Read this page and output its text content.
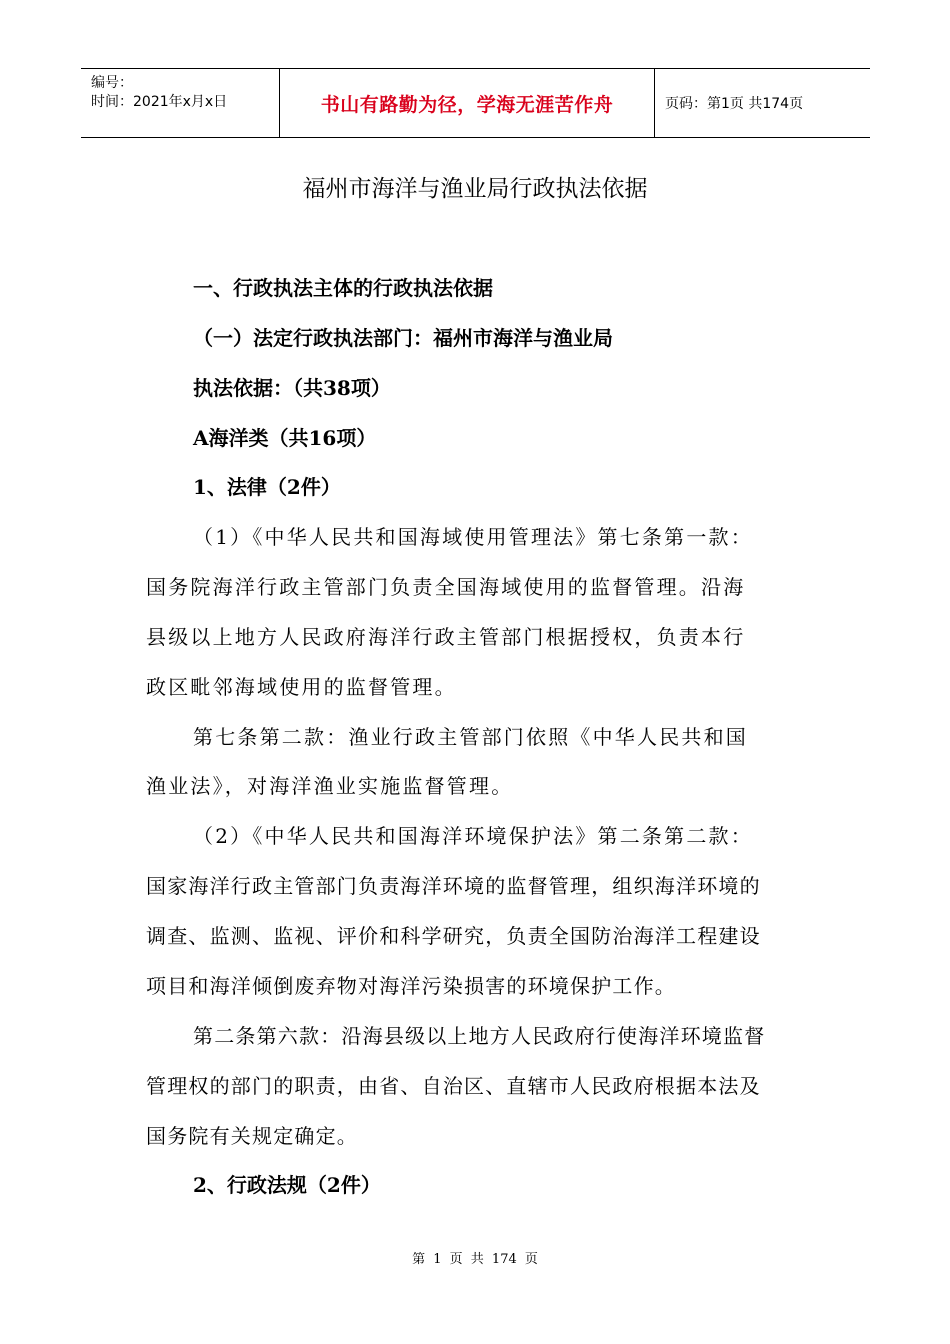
编号：
时间：2021年x月x日	书山有路勤为径，学海无涯苦作舟	页码：第1页 共174页
福州市海洋与渔业局行政执法依据
一、行政执法主体的行政执法依据
（一）法定行政执法部门：福州市海洋与渔业局
执法依据：（共38项）
A海洋类（共16项）
1、法律（2件）
（1）《中华人民共和国海域使用管理法》第七条第一款：
国务院海洋行政主管部门负责全国海域使用的监督管理。沿海
县级以上地方人民政府海洋行政主管部门根据授权，负责本行
政区毗邻海域使用的监督管理。
第七条第二款：渔业行政主管部门依照《中华人民共和国
渔业法》，对海洋渔业实施监督管理。
（2）《中华人民共和国海洋环境保护法》第二条第二款：
国家海洋行政主管部门负责海洋环境的监督管理，组织海洋环境的
调查、监测、监视、评价和科学研究，负责全国防治海洋工程建设
项目和海洋倾倒废弃物对海洋污染损害的环境保护工作。
第二条第六款：沿海县级以上地方人民政府行使海洋环境监督
管理权的部门的职责，由省、自治区、直辖市人民政府根据本法及
国务院有关规定确定。
2、行政法规（2件）
第 1 页 共 174 页
